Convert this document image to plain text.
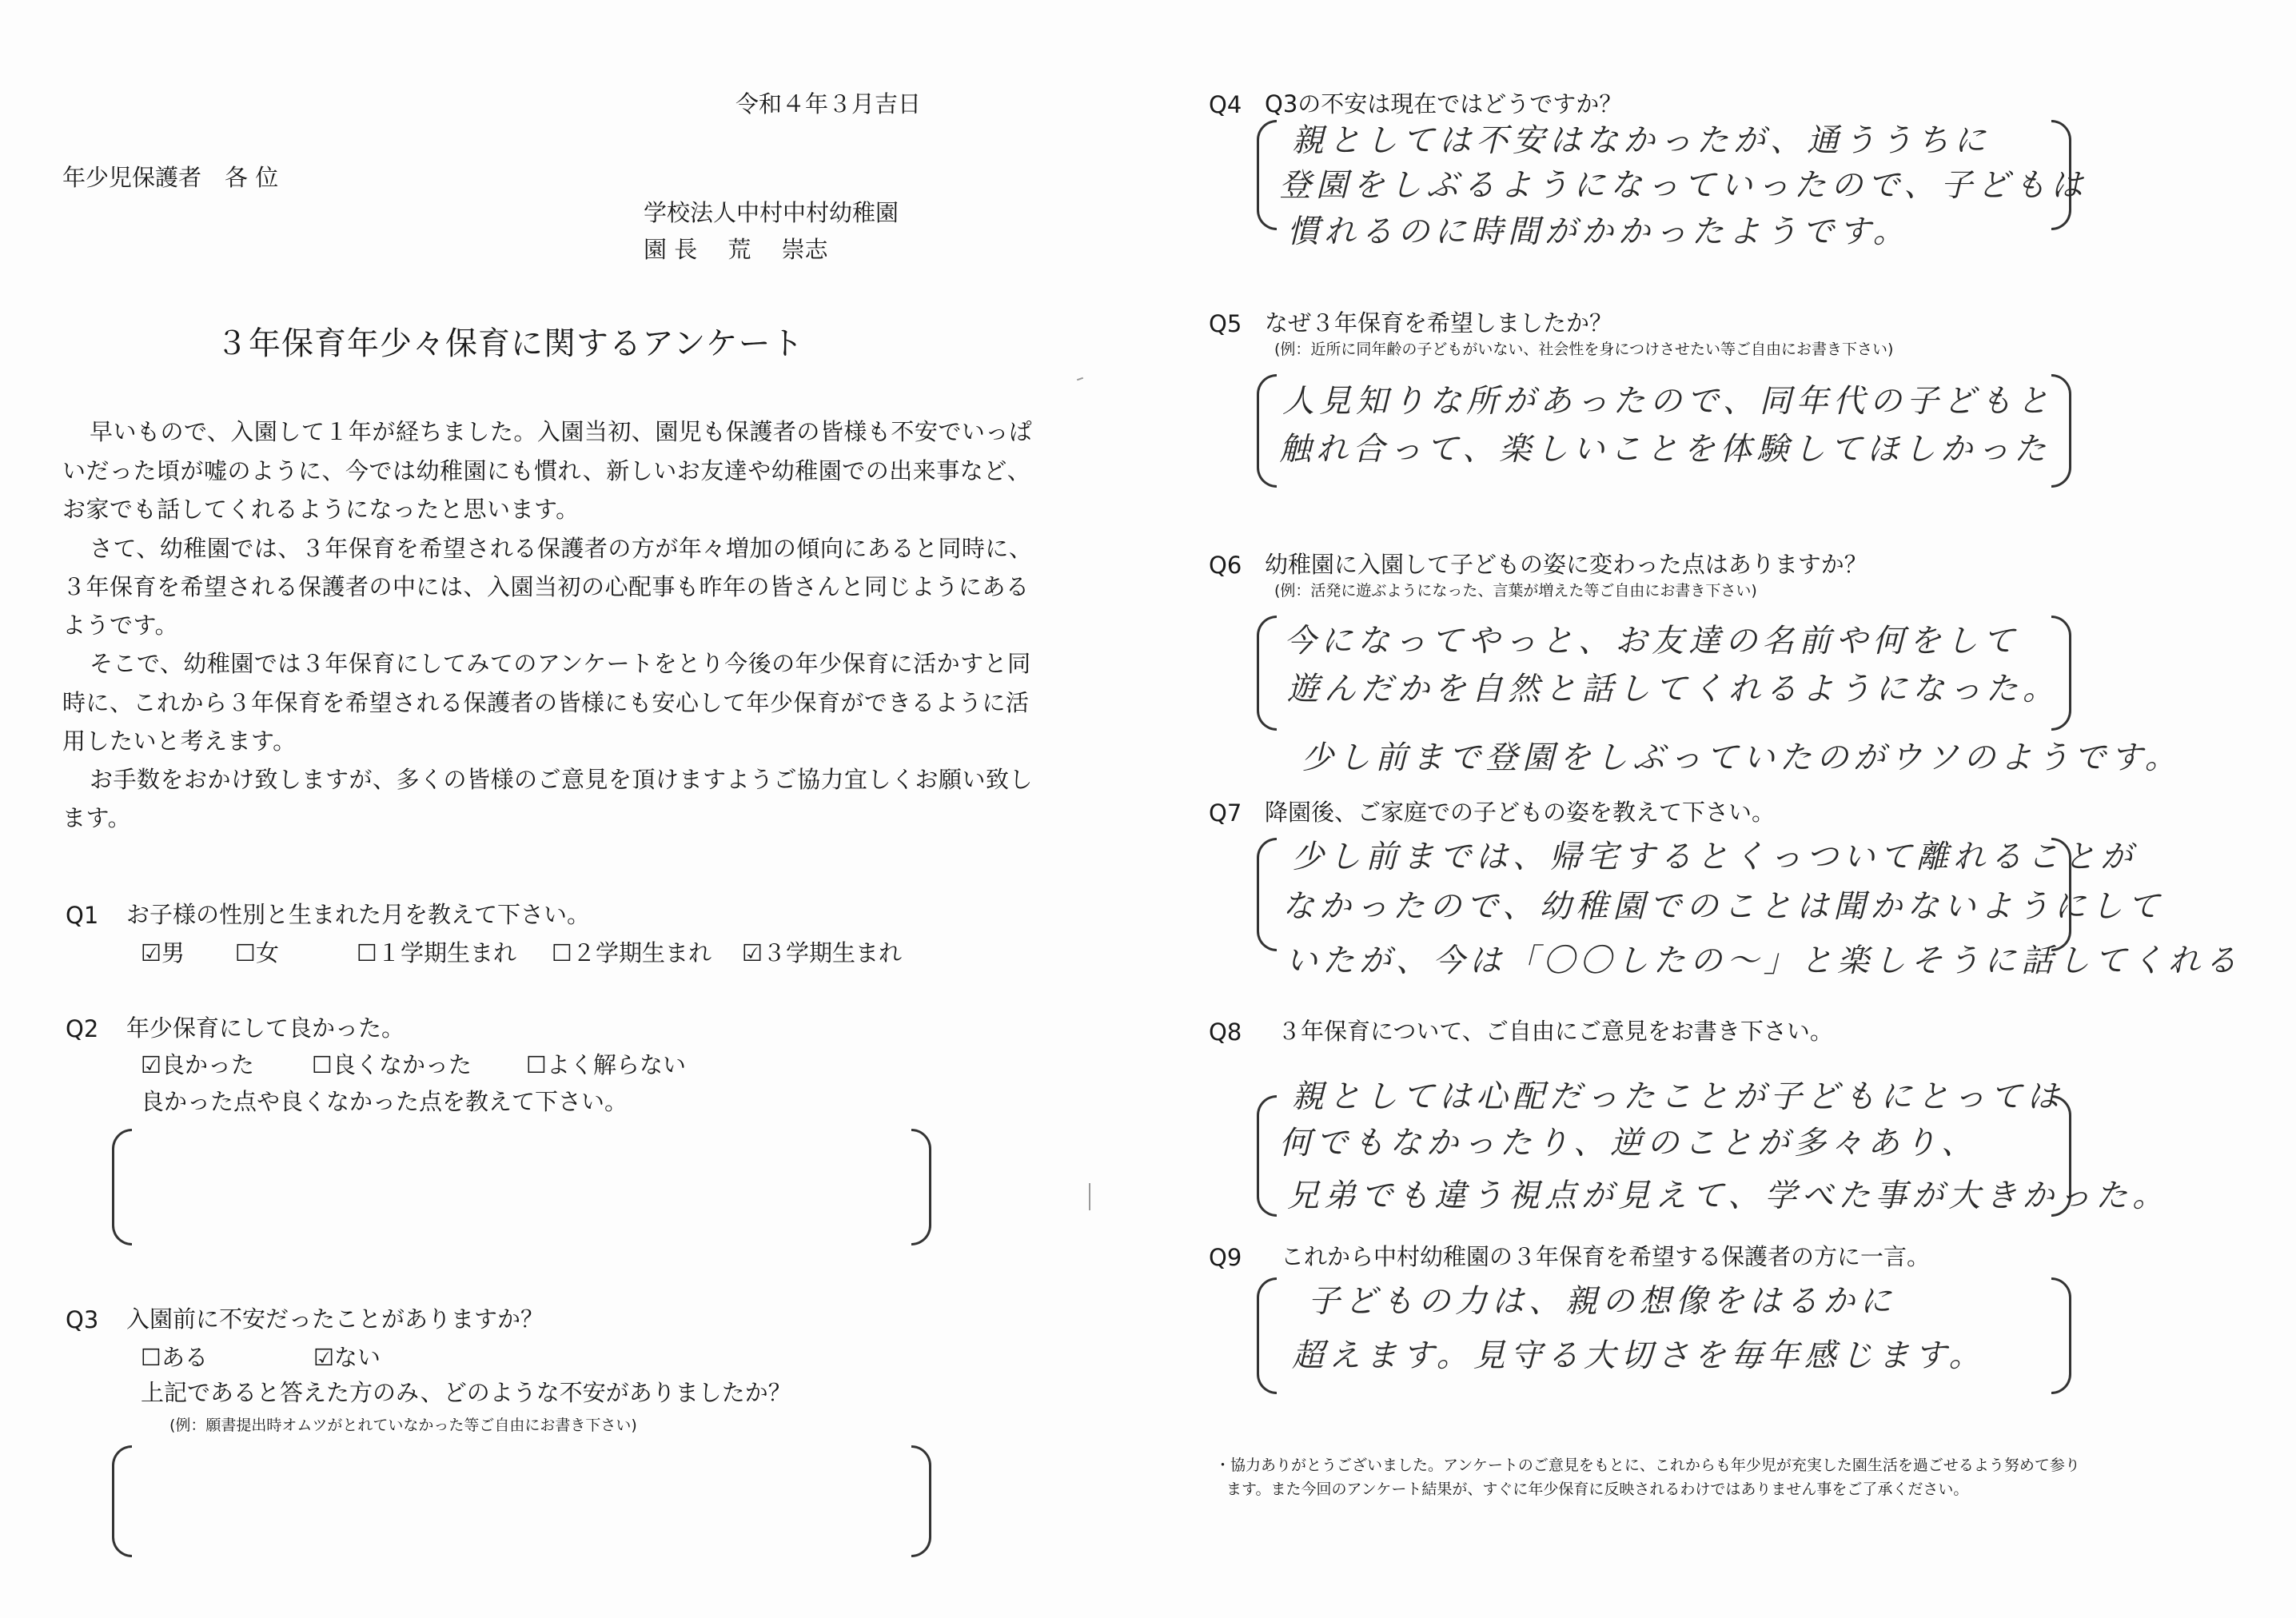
令和４年３月吉日
年少児保護者　各 位
学校法人中村中村幼稚園
園 長　 荒　 崇志
３年保育年少々保育に関するアンケート
早いもので、入園して１年が経ちました。入園当初、園児も保護者の皆様も不安でいっぱ
いだった頃が嘘のように、今では幼稚園にも慣れ、新しいお友達や幼稚園での出来事など、
お家でも話してくれるようになったと思います。
さて、幼稚園では、３年保育を希望される保護者の方が年々増加の傾向にあると同時に、
３年保育を希望される保護者の中には、入園当初の心配事も昨年の皆さんと同じようにある
ようです。
そこで、幼稚園では３年保育にしてみてのアンケートをとり今後の年少保育に活かすと同
時に、これから３年保育を希望される保護者の皆様にも安心して年少保育ができるように活
用したいと考えます。
お手数をおかけ致しますが、多くの皆様のご意見を頂けますようご協力宜しくお願い致し
ます。
Q1 お子様の性別と生まれた月を教えて下さい。
☑男 ☐女	☐１学期生まれ ☐２学期生まれ ☑３学期生まれ
Q2 年少保育にして良かった。
☑良かった ☐良くなかった ☐よく解らない
良かった点や良くなかった点を教えて下さい。
Q3 入園前に不安だったことがありますか？
☐ある	☑ない
上記であると答えた方のみ、どのような不安がありましたか？
(例：願書提出時オムツがとれていなかった等ご自由にお書き下さい)
Q4 Q3の不安は現在ではどうですか？
親としては不安はなかったが、通ううちに
登園をしぶるようになっていったので、子どもは
慣れるのに時間がかかったようです。
Q5 なぜ３年保育を希望しましたか？
(例：近所に同年齢の子どもがいない、社会性を身につけさせたい等ご自由にお書き下さい)
人見知りな所があったので、同年代の子どもと
触れ合って、楽しいことを体験してほしかった
Q6 幼稚園に入園して子どもの姿に変わった点はありますか？
(例：活発に遊ぶようになった、言葉が増えた等ご自由にお書き下さい)
今になってやっと、お友達の名前や何をして
遊んだかを自然と話してくれるようになった。
少し前まで登園をしぶっていたのがウソのようです。
Q7 降園後、ご家庭での子どもの姿を教えて下さい。
少し前までは、帰宅するとくっついて離れることが
なかったので、幼稚園でのことは聞かないようにして
いたが、今は「〇〇したの～」と楽しそうに話してくれる
Q8 ３年保育について、ご自由にご意見をお書き下さい。
親としては心配だったことが子どもにとっては
何でもなかったり、逆のことが多々あり、
兄弟でも違う視点が見えて、学べた事が大きかった。
Q9 これから中村幼稚園の３年保育を希望する保護者の方に一言。
子どもの力は、親の想像をはるかに
超えます。見守る大切さを毎年感じます。
・協力ありがとうございました。アンケートのご意見をもとに、これからも年少児が充実した園生活を過ごせるよう努めて参り
ます。また今回のアンケート結果が、すぐに年少保育に反映されるわけではありません事をご了承ください。
